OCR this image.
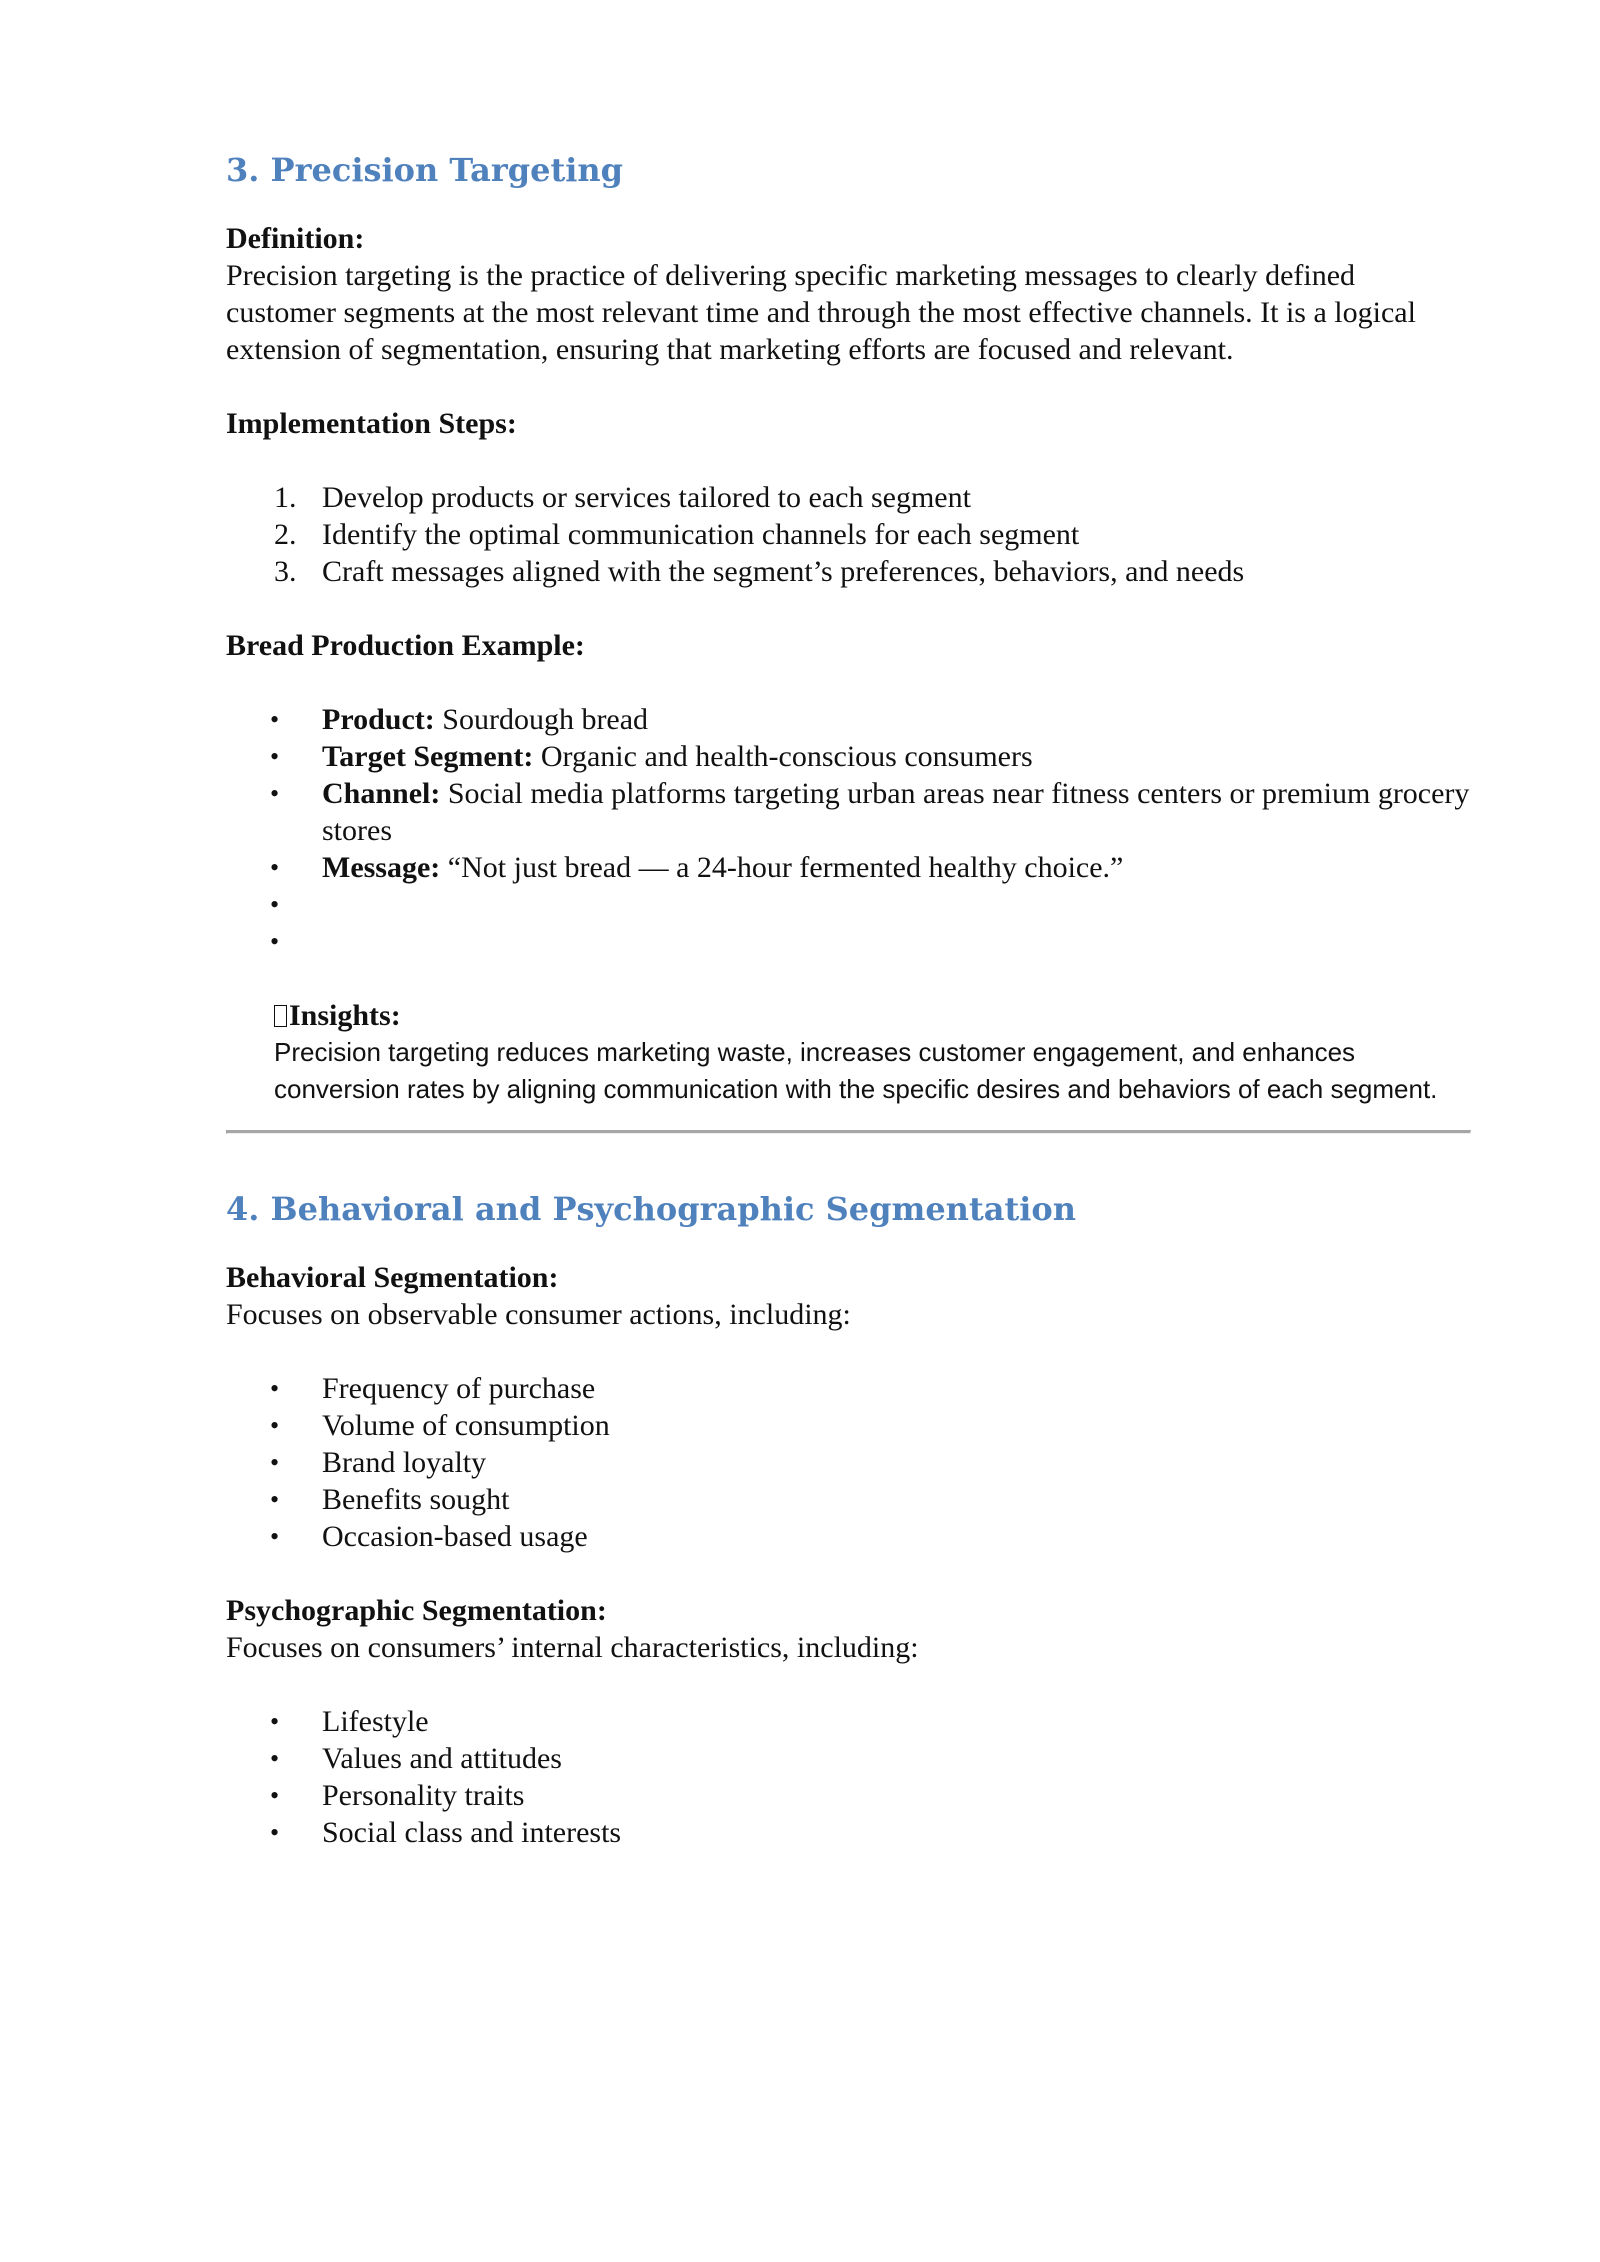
3. Precision Targeting

Definition:

Precision targeting is the practice of delivering specific marketing messages to clearly defined customer segments at the most relevant time and through the most effective channels. It is a logical extension of segmentation, ensuring that marketing efforts are focused and relevant.

Implementation Steps:

1. Develop products or services tailored to each segment
2. Identify the optimal communication channels for each segment
3. Craft messages aligned with the segment’s preferences, behaviors, and needs

Bread Production Example:

• Product: Sourdough bread
• Target Segment: Organic and health-conscious consumers
• Channel: Social media platforms targeting urban areas near fitness centers or premium grocery stores
• Message: “Not just bread — a 24-hour fermented healthy choice.”
•
•

Insights:

Precision targeting reduces marketing waste, increases customer engagement, and enhances conversion rates by aligning communication with the specific desires and behaviors of each segment.

4. Behavioral and Psychographic Segmentation

Behavioral Segmentation:

Focuses on observable consumer actions, including:

• Frequency of purchase
• Volume of consumption
• Brand loyalty
• Benefits sought
• Occasion-based usage

Psychographic Segmentation:

Focuses on consumers’ internal characteristics, including:

• Lifestyle
• Values and attitudes
• Personality traits
• Social class and interests
